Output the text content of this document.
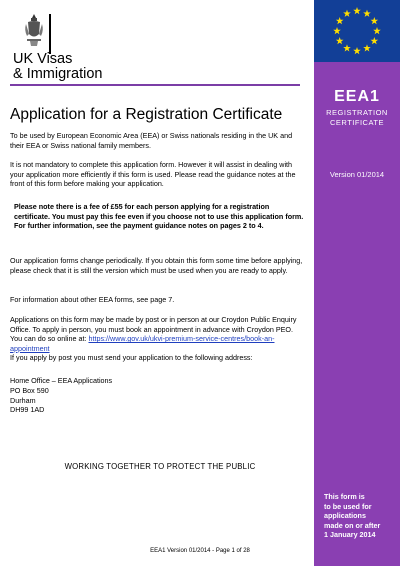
UK Visas
& Immigration
Application for a Registration Certificate
To be used by European Economic Area (EEA) or Swiss nationals residing in the UK and their EEA or Swiss national family members.
It is not mandatory to complete this application form. However it will assist in dealing with your application more efficiently if this form is used. Please read the guidance notes at the front of this form before making your application.
Please note there is a fee of £55 for each person applying for a registration certificate. You must pay this fee even if you choose not to use this application form. For further information, see the payment guidance notes on pages 2 to 4.
Our application forms change periodically. If you obtain this form some time before applying, please check that it is still the version which must be used when you are ready to apply.
For information about other EEA forms, see page 7.
Applications on this form may be made by post or in person at our Croydon Public Enquiry Office. To apply in person, you must book an appointment in advance with Croydon PEO. You can do so online at: https://www.gov.uk/ukvi-premium-service-centres/book-an-appointment
If you apply by post you must send your application to the following address:
Home Office – EEA Applications
PO Box 590
Durham
DH99 1AD
WORKING TOGETHER TO PROTECT THE PUBLIC
EEA1 Version 01/2014 - Page 1 of 28
EEA1
REGISTRATION
CERTIFICATE
Version 01/2014
This form is
to be used for
applications
made on or after
1 January 2014
